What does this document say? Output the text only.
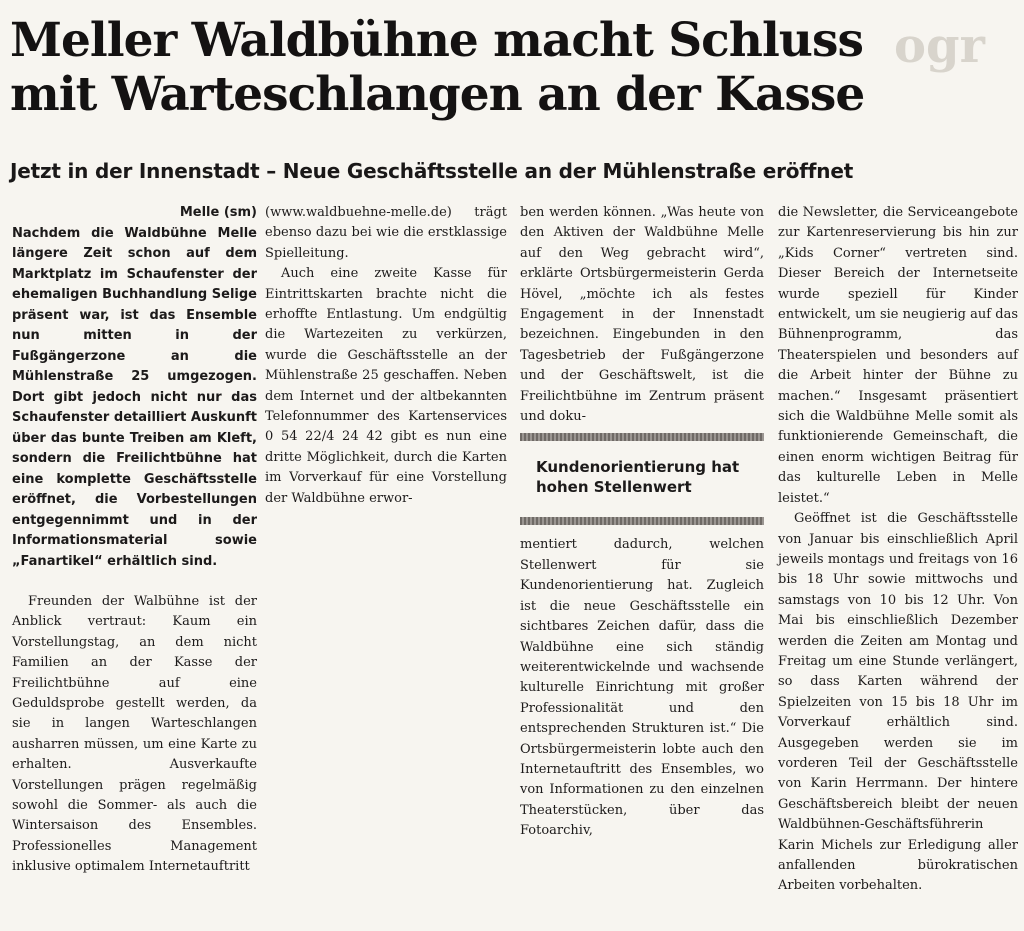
ogr
Meller Waldbühne macht Schluss
mit Warteschlangen an der Kasse
Jetzt in der Innenstadt – Neue Geschäftsstelle an der Mühlenstraße eröffnet

Melle (sm)

Nachdem die Waldbühne Melle längere Zeit schon auf dem Marktplatz im Schaufenster der ehemaligen Buchhandlung Selige präsent war, ist das Ensemble nun mitten in der Fußgängerzone an die Mühlenstraße 25 umgezogen. Dort gibt jedoch nicht nur das Schaufenster detailliert Auskunft über das bunte Treiben am Kleft, sondern die Freilichtbühne hat eine komplette Geschäftsstelle eröffnet, die Vorbestellungen entgegennimmt und in der Informationsmaterial sowie „Fanartikel“ erhältlich sind.

Freunden der Walbühne ist der Anblick vertraut: Kaum ein Vorstellungstag, an dem nicht Familien an der Kasse der Freilichtbühne auf eine Geduldsprobe gestellt werden, da sie in langen Warteschlangen ausharren müssen, um eine Karte zu erhalten. Ausverkaufte Vorstellungen prägen regelmäßig sowohl die Sommer- als auch die Wintersaison des Ensembles. Professionelles Management inklusive optimalem Internetauftritt

(www.waldbuehne-melle.de) trägt ebenso dazu bei wie die erstklassige Spielleitung.

Auch eine zweite Kasse für Eintrittskarten brachte nicht die erhoffte Entlastung. Um endgültig die Wartezeiten zu verkürzen, wurde die Geschäftsstelle an der Mühlenstraße 25 geschaffen. Neben dem Internet und der altbekannten Telefonnummer des Kartenservices 0 54 22/4 24 42 gibt es nun eine dritte Möglichkeit, durch die Karten im Vorverkauf für eine Vorstellung der Waldbühne erwor-

ben werden können. „Was heute von den Aktiven der Waldbühne Melle auf den Weg gebracht wird“, erklärte Ortsbürgermeisterin Gerda Hövel, „möchte ich als festes Engagement in der Innenstadt bezeichnen. Eingebunden in den Tagesbetrieb der Fußgängerzone und der Geschäftswelt, ist die Freilichtbühne im Zentrum präsent und doku-

Kundenorientierung hat hohen Stellenwert

mentiert dadurch, welchen Stellenwert für sie Kundenorientierung hat. Zugleich ist die neue Geschäftsstelle ein sichtbares Zeichen dafür, dass die Waldbühne eine sich ständig weiterentwickelnde und wachsende kulturelle Einrichtung mit großer Professionalität und den entsprechenden Strukturen ist.“ Die Ortsbürgermeisterin lobte auch den Internetauftritt des Ensembles, wo von Informationen zu den einzelnen Theaterstücken, über das Fotoarchiv,

die Newsletter, die Serviceangebote zur Kartenreservierung bis hin zur „Kids Corner“ vertreten sind. Dieser Bereich der Internetseite wurde speziell für Kinder entwickelt, um sie neugierig auf das Bühnenprogramm, das Theaterspielen und besonders auf die Arbeit hinter der Bühne zu machen.“ Insgesamt präsentiert sich die Waldbühne Melle somit als funktionierende Gemeinschaft, die einen enorm wichtigen Beitrag für das kulturelle Leben in Melle leistet.“

Geöffnet ist die Geschäftsstelle von Januar bis einschließlich April jeweils montags und freitags von 16 bis 18 Uhr sowie mittwochs und samstags von 10 bis 12 Uhr. Von Mai bis einschließlich Dezember werden die Zeiten am Montag und Freitag um eine Stunde verlängert, so dass Karten während der Spielzeiten von 15 bis 18 Uhr im Vorverkauf erhältlich sind. Ausgegeben werden sie im vorderen Teil der Geschäftsstelle von Karin Herrmann. Der hintere Geschäftsbereich bleibt der neuen Waldbühnen-Geschäftsführerin Karin Michels zur Erledigung aller anfallenden bürokratischen Arbeiten vorbehalten.
